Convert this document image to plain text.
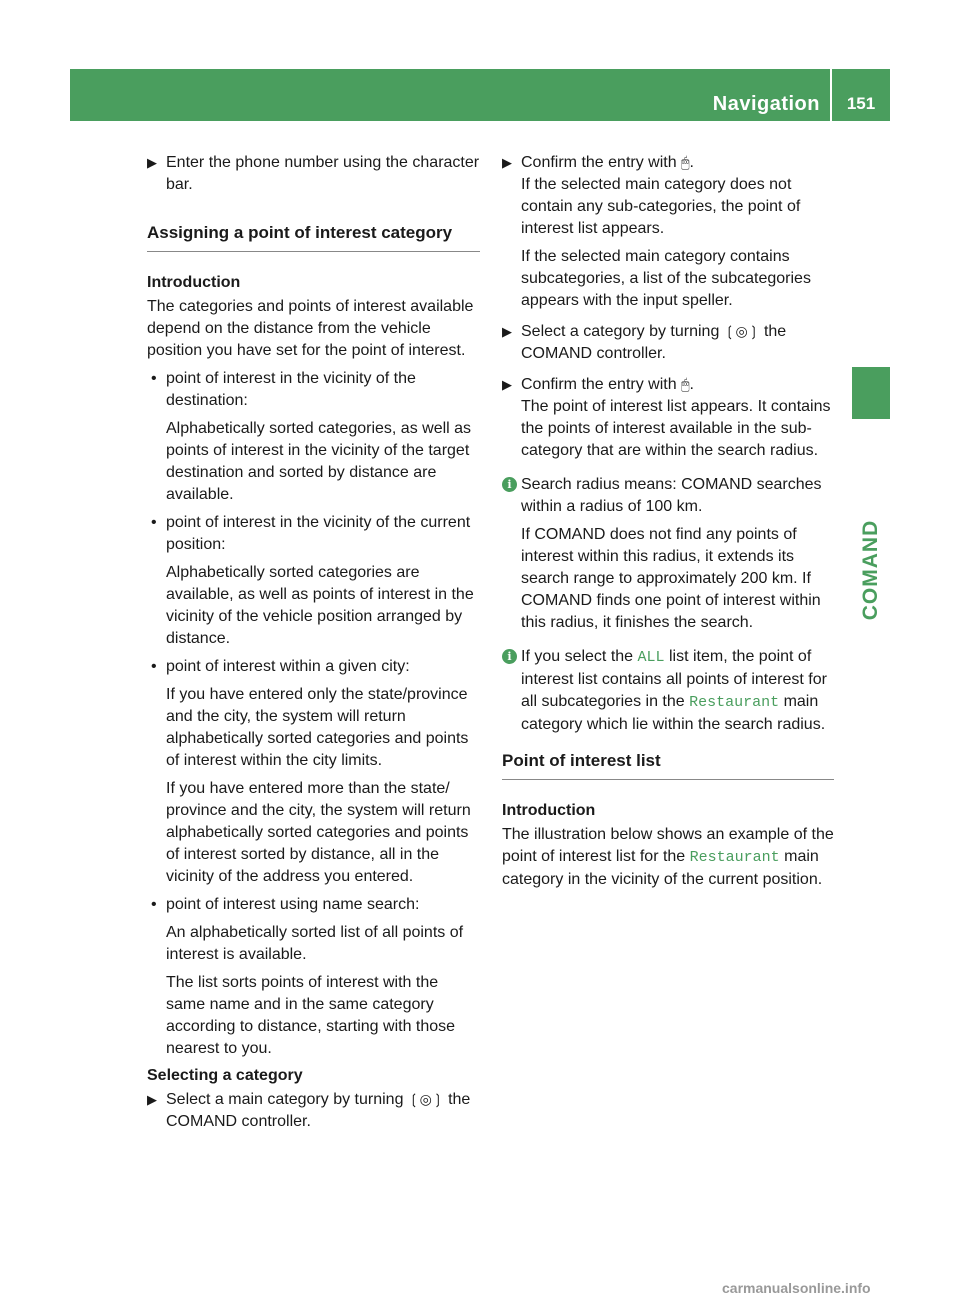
Navigation	151
COMAND

▶ Enter the phone number using the character bar.

Assigning a point of interest category

Introduction

The categories and points of interest available depend on the distance from the vehicle position you have set for the point of interest.

• point of interest in the vicinity of the destination:

Alphabetically sorted categories, as well as points of interest in the vicinity of the target destination and sorted by distance are available.

• point of interest in the vicinity of the current position:

Alphabetically sorted categories are available, as well as points of interest in the vicinity of the vehicle position arranged by distance.

• point of interest within a given city:

If you have entered only the state/province and the city, the system will return alphabetically sorted categories and points of interest within the city limits.

If you have entered more than the state/ province and the city, the system will return alphabetically sorted categories and points of interest sorted by distance, all in the vicinity of the address you entered.

• point of interest using name search:

An alphabetically sorted list of all points of interest is available.

The list sorts points of interest with the same name and in the same category according to distance, starting with those nearest to you.

Selecting a category

▶ Select a main category by turning ❲◎❳ the COMAND controller.

▶ Confirm the entry with 🖱︎.

If the selected main category does not contain any sub-categories, the point of interest list appears.

If the selected main category contains subcategories, a list of the subcategories appears with the input speller.

▶ Select a category by turning ❲◎❳ the COMAND controller.

▶ Confirm the entry with 🖱︎.

The point of interest list appears. It contains the points of interest available in the sub-category that are within the search radius.

i Search radius means: COMAND searches within a radius of 100 km.

If COMAND does not find any points of interest within this radius, it extends its search range to approximately 200 km. If COMAND finds one point of interest within this radius, it finishes the search.

i If you select the ALL list item, the point of interest list contains all points of interest for all subcategories in the Restaurant main category which lie within the search radius.

Point of interest list

Introduction

The illustration below shows an example of the point of interest list for the Restaurant main category in the vicinity of the current position.

carmanualsonline.info
